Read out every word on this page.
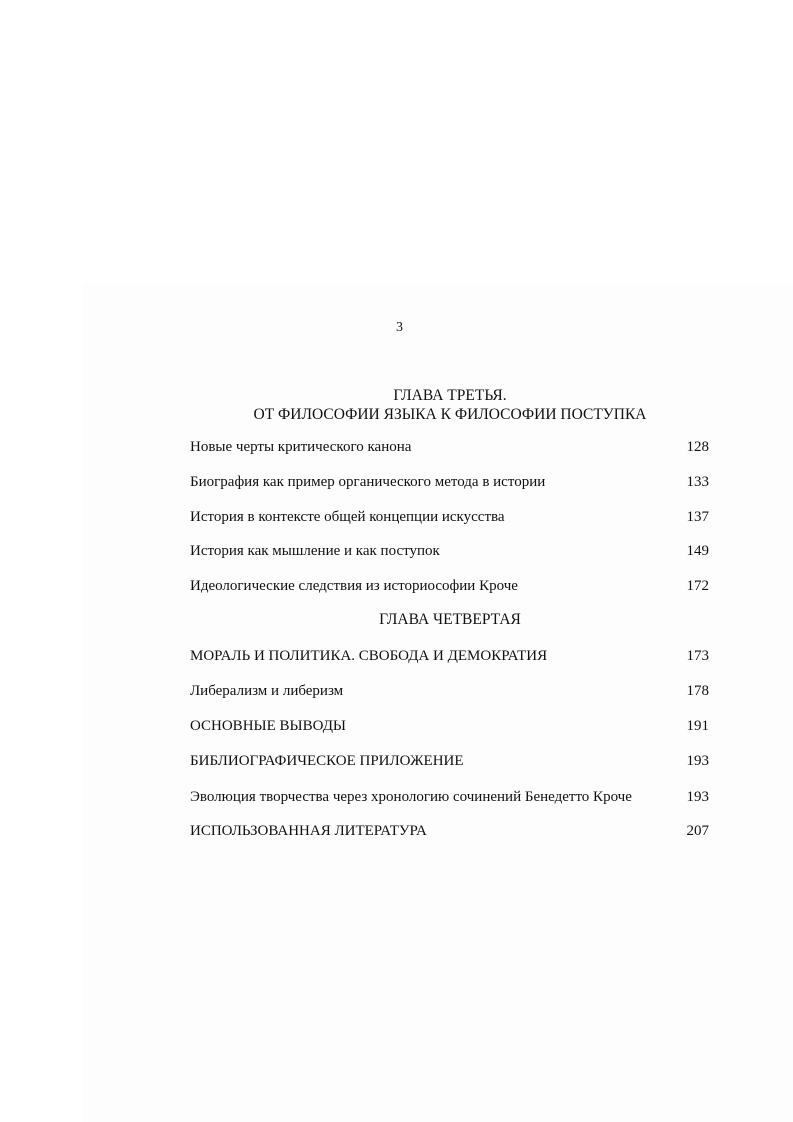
3
ГЛАВА ТРЕТЬЯ.
ОТ ФИЛОСОФИИ ЯЗЫКА К ФИЛОСОФИИ ПОСТУПКА
Новые черты критического канона	128
Биография как пример органического метода в истории	133
История в контексте общей концепции искусства	137
История как мышление и как поступок	149
Идеологические следствия из историософии Кроче	172
ГЛАВА ЧЕТВЕРТАЯ
МОРАЛЬ И ПОЛИТИКА. СВОБОДА И ДЕМОКРАТИЯ	173
Либерализм и либеризм	178
ОСНОВНЫЕ ВЫВОДЫ	191
БИБЛИОГРАФИЧЕСКОЕ ПРИЛОЖЕНИЕ	193
Эволюция творчества через хронологию сочинений Бенедетто Кроче	193
ИСПОЛЬЗОВАННАЯ ЛИТЕРАТУРА	207
